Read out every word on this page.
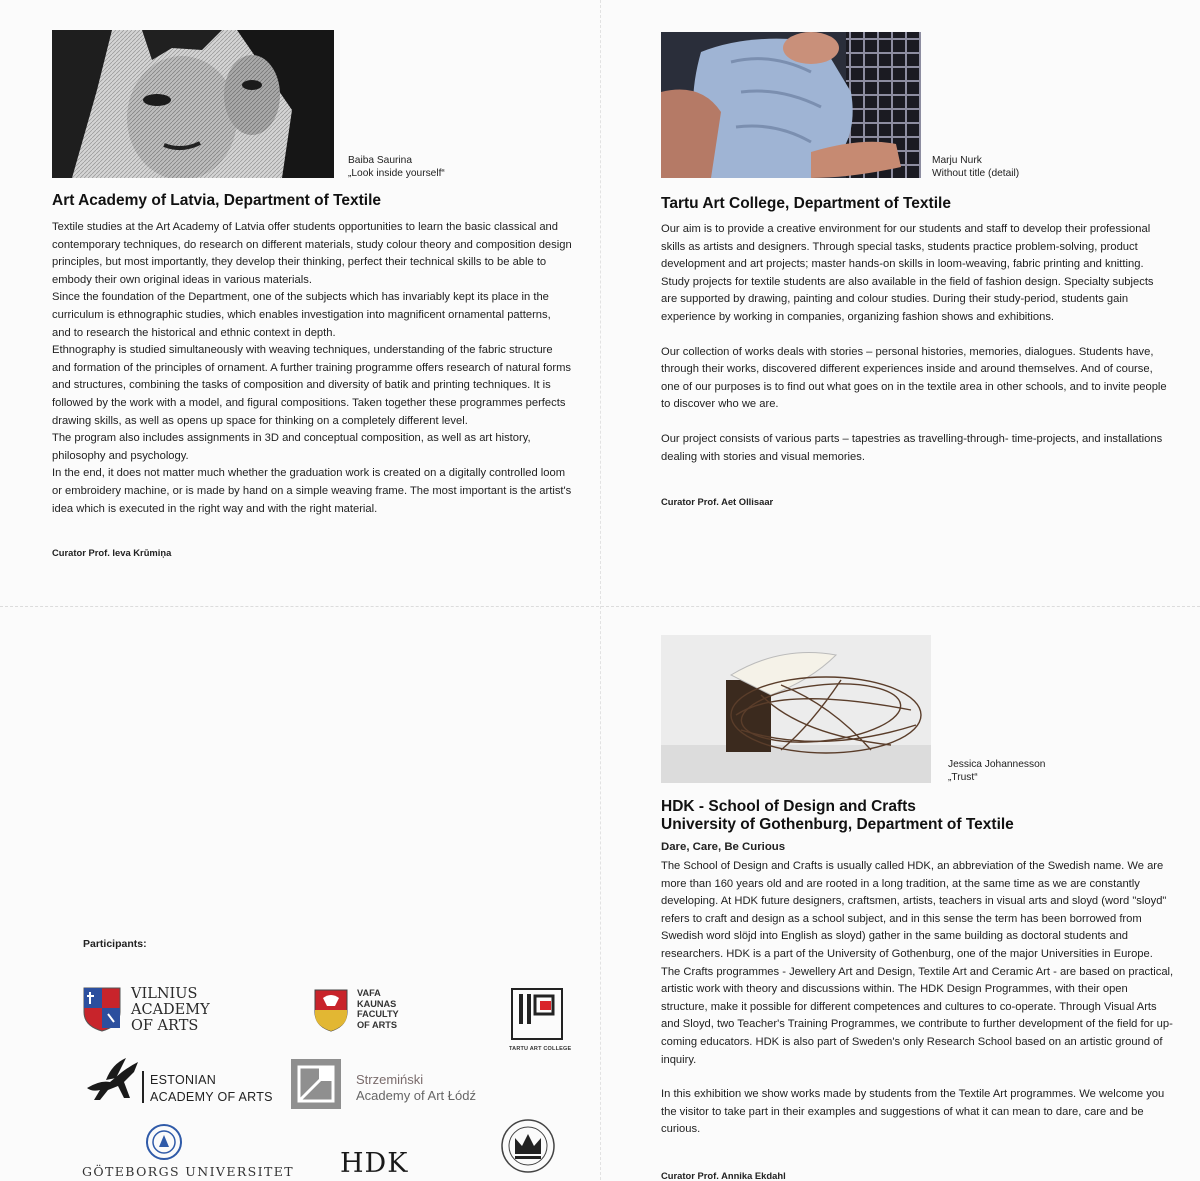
Baiba Saurina
„Look inside yourself“
Art Academy of Latvia, Department of Textile

Textile studies at the Art Academy of Latvia offer students opportunities to learn the basic classical and contemporary techniques, do research on different materials, study colour theory and composition design principles, but most importantly, they develop their thinking, perfect their technical skills to be able to embody their own original ideas in various materials.

Since the foundation of the Department, one of the subjects which has invariably kept its place in the curriculum is ethnographic studies, which enables investigation into magnificent ornamental patterns, and to research the historical and ethnic context in depth.

Ethnography is studied simultaneously with weaving techniques, understanding of the fabric structure and formation of the principles of ornament. A further training programme offers research of natural forms and structures, combining the tasks of composition and diversity of batik and printing techniques. It is followed by the work with a model, and figural compositions. Taken together these programmes perfects drawing skills, as well as opens up space for thinking on a completely different level.

The program also includes assignments in 3D and conceptual composition, as well as art history, philosophy and psychology.

In the end, it does not matter much whether the graduation work is created on a digitally controlled loom or embroidery machine, or is made by hand on a simple weaving frame. The most important is the artist's idea which is executed in the right way and with the right material.

Curator Prof. Ieva Krūmiņa
Marju Nurk
Without title (detail)
Tartu Art College, Department of Textile

Our aim is to provide a creative environment for our students and staff to develop their professional skills as artists and designers. Through special tasks, students practice problem-solving, product development and art projects; master hands-on skills in loom-weaving, fabric printing and knitting. Study projects for textile students are also available in the field of fashion design. Specialty subjects are supported by drawing, painting and colour studies. During their study-period, students gain experience by working in companies, organizing fashion shows and exhibitions.

Our collection of works deals with stories – personal histories, memories, dialogues. Students have, through their works, discovered different experiences inside and around themselves. And of course, one of our purposes is to find out what goes on in the textile area in other schools, and to invite people to discover who we are.

Our project consists of various parts – tapestries as travelling-through- time-projects, and installations dealing with stories and visual memories.

Curator Prof. Aet Ollisaar
Jessica Johannesson
„Trust“
HDK - School of Design and Crafts
University of Gothenburg, Department of Textile
Dare, Care, Be Curious

The School of Design and Crafts is usually called HDK, an abbreviation of the Swedish name. We are more than 160 years old and are rooted in a long tradition, at the same time as we are constantly developing. At HDK future designers, craftsmen, artists, teachers in visual arts and sloyd (word "sloyd" refers to craft and design as a school subject, and in this sense the term has been borrowed from Swedish word slöjd into English as sloyd) gather in the same building as doctoral students and researchers. HDK is a part of the University of Gothenburg, one of the major Universities in Europe.

The Crafts programmes - Jewellery Art and Design, Textile Art and Ceramic Art - are based on practical, artistic work with theory and discussions within. The HDK Design Programmes, with their open structure, make it possible for different competences and cultures to co-operate. Through Visual Arts and Sloyd, two Teacher's Training Programmes, we contribute to further development of the field for up-coming educators. HDK is also part of Sweden's only Research School based on an artistic ground of inquiry.

In this exhibition we show works made by students from the Textile Art programmes. We welcome you the visitor to take part in their examples and suggestions of what it can mean to dare, care and be curious.

Curator Prof. Annika Ekdahl
Participants:
VILNIUS
ACADEMY
OF ARTS
VAFA
KAUNAS
FACULTY
OF ARTS
TARTU ART COLLEGE
ESTONIAN
ACADEMY OF ARTS
Strzemiński
Academy of Art Łódź
GÖTEBORGS UNIVERSITET HDK
